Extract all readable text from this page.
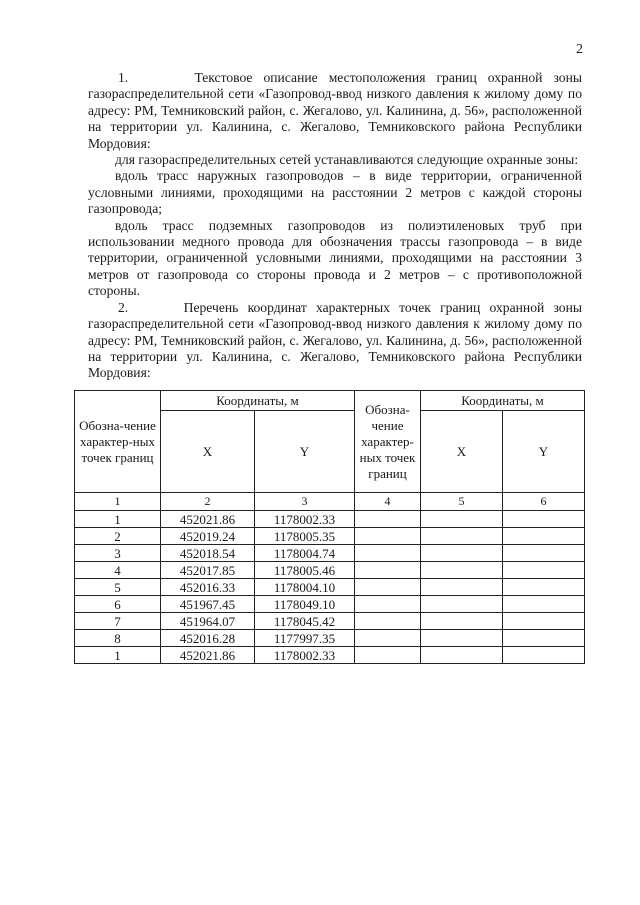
2

1.      Текстовое описание местоположения границ охранной зоны газораспределительной сети «Газопровод-ввод низкого давления к жилому дому по адресу: РМ, Темниковский район, с. Жегалово, ул. Калинина, д. 56», расположенной на территории ул. Калинина, с. Жегалово, Темниковского района Республики Мордовия:

для газораспределительных сетей устанавливаются следующие охранные зоны:

вдоль трасс наружных газопроводов – в виде территории, ограниченной условными линиями, проходящими на расстоянии 2 метров с каждой стороны газопровода;

вдоль трасс подземных газопроводов из полиэтиленовых труб при использовании медного провода для обозначения трассы газопровода – в виде территории, ограниченной условными линиями, проходящими на расстоянии 3 метров от газопровода со стороны провода и 2 метров – с противоположной стороны.

2.      Перечень координат характерных точек границ охранной зоны газораспределительной сети «Газопровод-ввод низкого давления к жилому дому по адресу: РМ, Темниковский район, с. Жегалово, ул. Калинина, д. 56», расположенной на территории ул. Калинина, с. Жегалово, Темниковского района Республики Мордовия:

Обозна-чение характер-ных точек границ	Координаты, м		Обозна-чение характер-ных точек границ	Координаты, м	
	X	Y		X	Y
1	2	3	4	5	6
1	452021.86	1178002.33			
2	452019.24	1178005.35			
3	452018.54	1178004.74			
4	452017.85	1178005.46			
5	452016.33	1178004.10			
6	451967.45	1178049.10			
7	451964.07	1178045.42			
8	452016.28	1177997.35			
1	452021.86	1178002.33			
